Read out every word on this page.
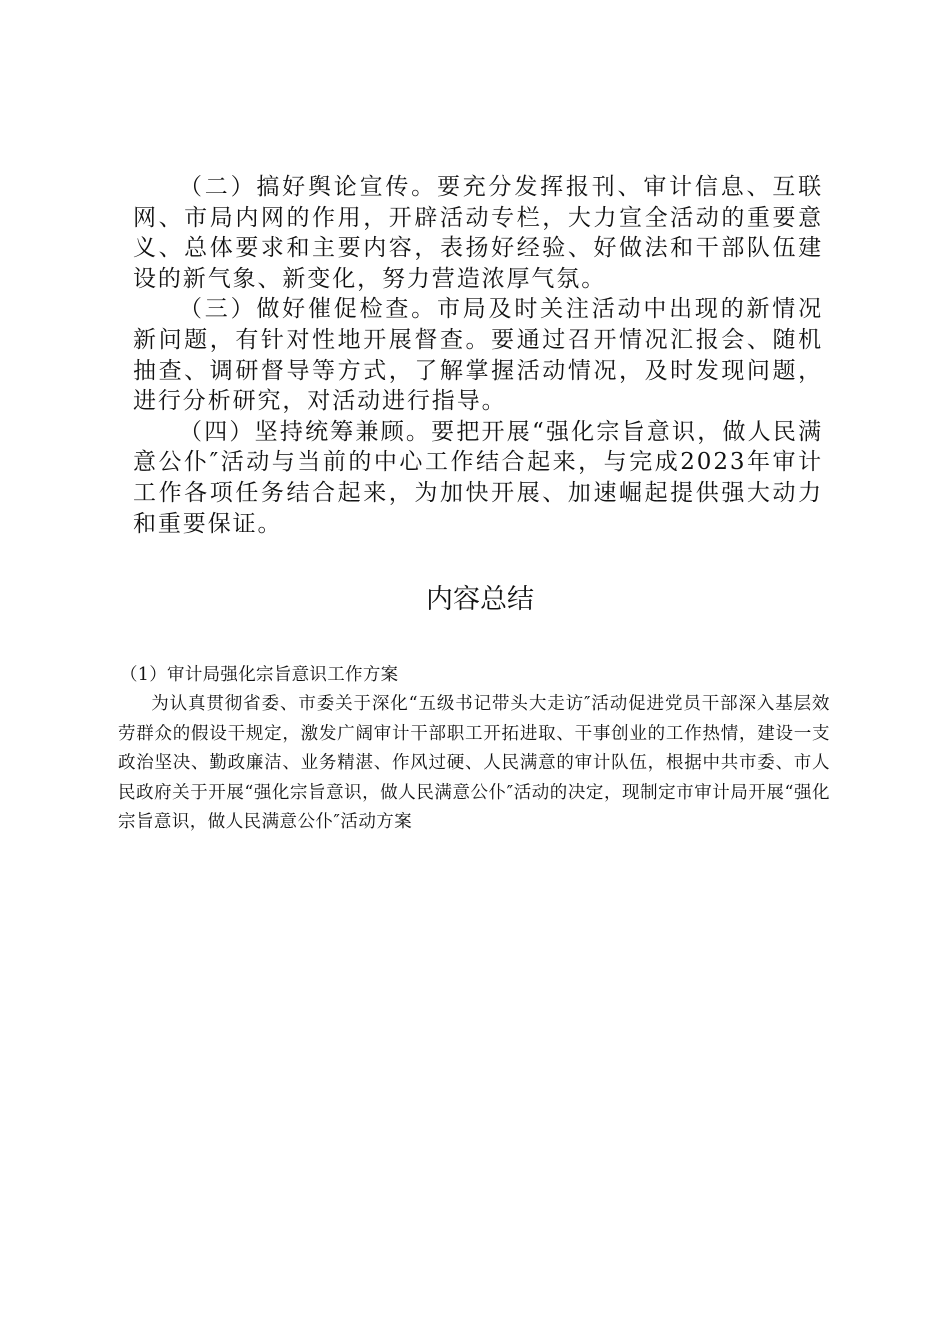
（二）搞好舆论宣传。要充分发挥报刊、审计信息、互联网、市局内网的作用，开辟活动专栏，大力宣全活动的重要意义、总体要求和主要内容，表扬好经验、好做法和干部队伍建设的新气象、新变化，努力营造浓厚气氛。

（三）做好催促检查。市局及时关注活动中出现的新情况新问题，有针对性地开展督查。要通过召开情况汇报会、随机抽查、调研督导等方式，了解掌握活动情况，及时发现问题，进行分析研究，对活动进行指导。

（四）坚持统筹兼顾。要把开展“强化宗旨意识，做人民满意公仆″活动与当前的中心工作结合起来，与完成2023年审计工作各项任务结合起来，为加快开展、加速崛起提供强大动力和重要保证。

内容总结

（1）审计局强化宗旨意识工作方案

为认真贯彻省委、市委关于深化“五级书记带头大走访″活动促进党员干部深入基层效劳群众的假设干规定，激发广阔审计干部职工开拓进取、干事创业的工作热情，建设一支政治坚决、勤政廉洁、业务精湛、作风过硬、人民满意的审计队伍，根据中共市委、市人民政府关于开展“强化宗旨意识，做人民满意公仆″活动的决定，现制定市审计局开展“强化宗旨意识，做人民满意公仆″活动方案
